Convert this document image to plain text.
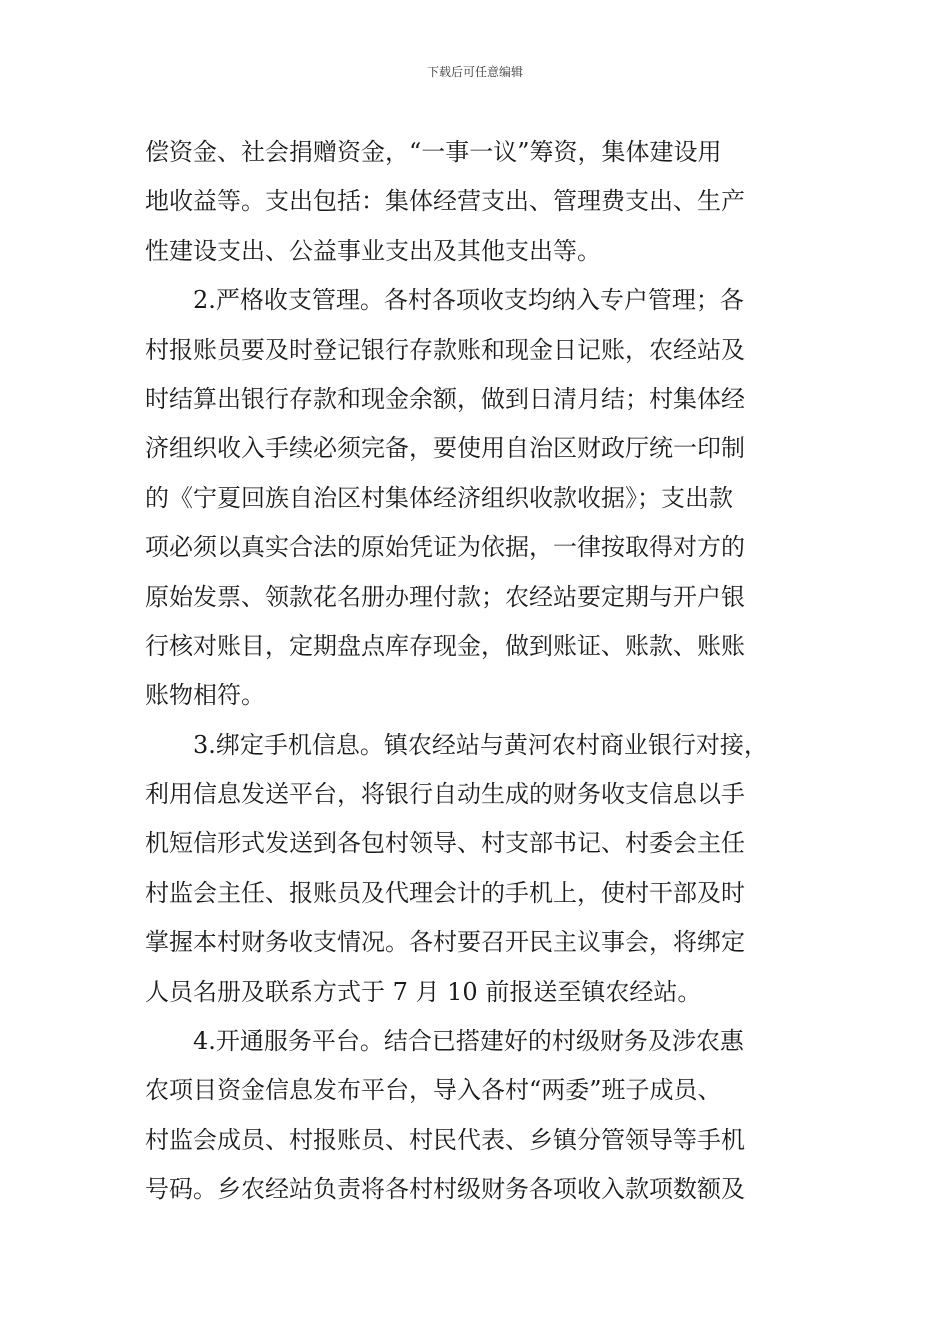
下载后可任意编辑
偿资金、社会捐赠资金，“一事一议”筹资，集体建设用
地收益等。支出包括：集体经营支出、管理费支出、生产
性建设支出、公益事业支出及其他支出等。
　　2.严格收支管理。各村各项收支均纳入专户管理；各
村报账员要及时登记银行存款账和现金日记账，农经站及
时结算出银行存款和现金余额，做到日清月结；村集体经
济组织收入手续必须完备，要使用自治区财政厅统一印制
的《宁夏回族自治区村集体经济组织收款收据》；支出款
项必须以真实合法的原始凭证为依据，一律按取得对方的
原始发票、领款花名册办理付款；农经站要定期与开户银
行核对账目，定期盘点库存现金，做到账证、账款、账账
账物相符。
　　3.绑定手机信息。镇农经站与黄河农村商业银行对接，
利用信息发送平台，将银行自动生成的财务收支信息以手
机短信形式发送到各包村领导、村支部书记、村委会主任
村监会主任、报账员及代理会计的手机上，使村干部及时
掌握本村财务收支情况。各村要召开民主议事会，将绑定
人员名册及联系方式于 7 月 10 前报送至镇农经站。
　　4.开通服务平台。结合已搭建好的村级财务及涉农惠
农项目资金信息发布平台，导入各村“两委”班子成员、
村监会成员、村报账员、村民代表、乡镇分管领导等手机
号码。乡农经站负责将各村村级财务各项收入款项数额及
